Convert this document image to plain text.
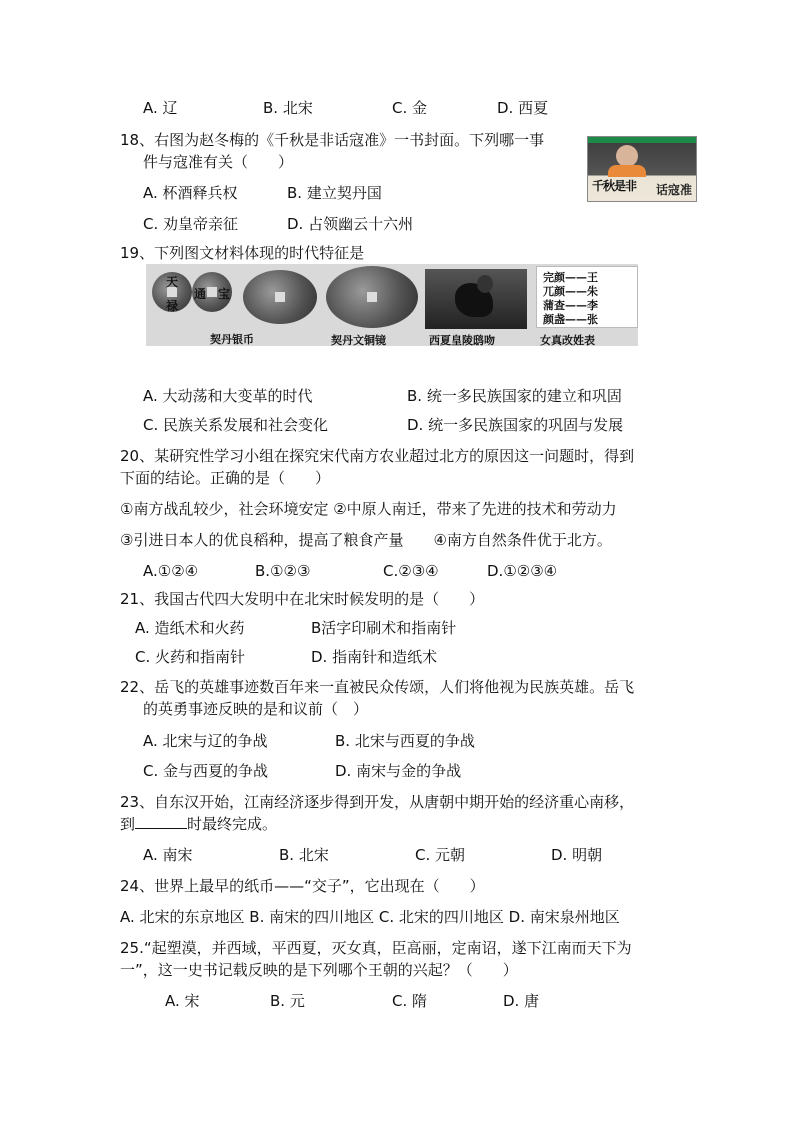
A. 辽	B. 北宋	C. 金	D. 西夏
18、右图为赵冬梅的《千秋是非话寇准》一书封面。下列哪一事
件与寇准有关（　　）
A. 杯酒释兵权	B. 建立契丹国
C. 劝皇帝亲征	D. 占领幽云十六州
千秋是非 话寇准
19、下列图文材料体现的时代特征是
天
禄
通 宝
完颜——王
兀颜——朱
蒲查——李
颜盏——张
契丹银币	契丹文铜镜	西夏皇陵鸱吻	女真改姓表
A. 大动荡和大变革的时代	B. 统一多民族国家的建立和巩固
C. 民族关系发展和社会变化	D. 统一多民族国家的巩固与发展
20、某研究性学习小组在探究宋代南方农业超过北方的原因这一问题时，得到
下面的结论。正确的是（　　）
①南方战乱较少，社会环境安定 ②中原人南迁，带来了先进的技术和劳动力
③引进日本人的优良稻种，提高了粮食产量　　④南方自然条件优于北方。
A.①②④	B.①②③	C.②③④	D.①②③④
21、我国古代四大发明中在北宋时候发明的是（　　）
A. 造纸术和火药	B活字印刷术和指南针
C. 火药和指南针	D. 指南针和造纸术
22、岳飞的英雄事迹数百年来一直被民众传颂，人们将他视为民族英雄。岳飞
的英勇事迹反映的是和议前（　）
A. 北宋与辽的争战	B. 北宋与西夏的争战
C. 金与西夏的争战	D. 南宋与金的争战
23、自东汉开始，江南经济逐步得到开发，从唐朝中期开始的经济重心南移，
到	时最终完成。
A. 南宋	B. 北宋	C. 元朝	D. 明朝
24、世界上最早的纸币——“交子”，它出现在（　　）
A. 北宋的东京地区 B. 南宋的四川地区 C. 北宋的四川地区 D. 南宋泉州地区
25.“起塑漠，并西域，平西夏，灭女真，臣高丽，定南诏，遂下江南而天下为
一”，这一史书记载反映的是下列哪个王朝的兴起？（　　）
A. 宋	B. 元	C. 隋	D. 唐
